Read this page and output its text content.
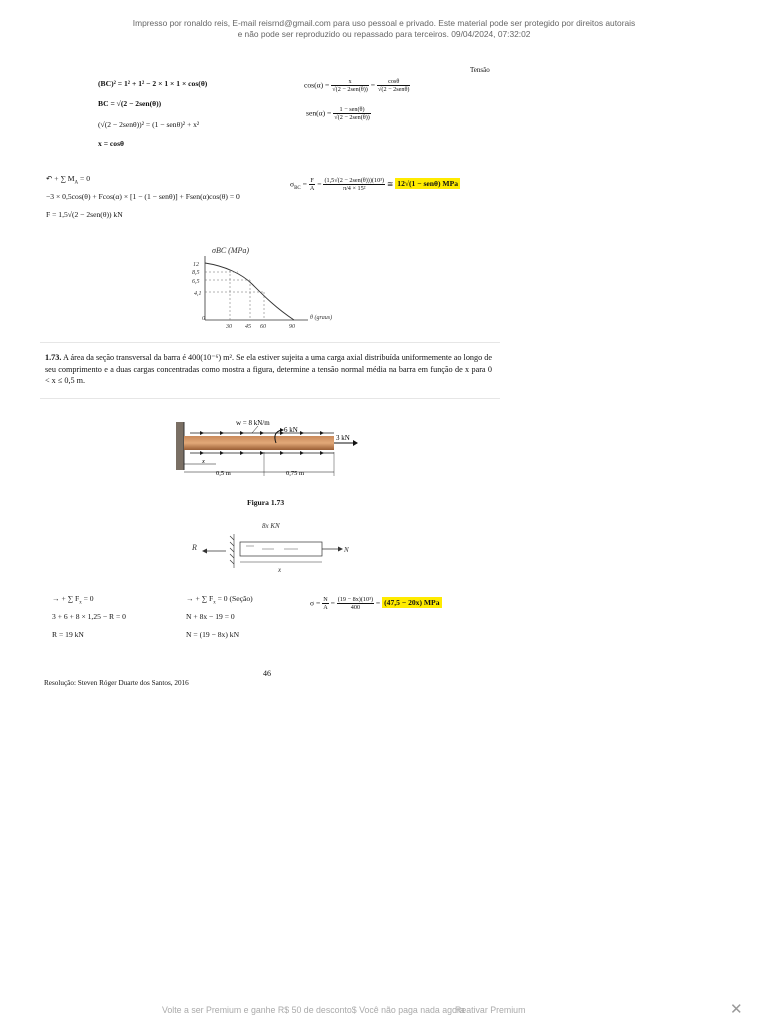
Impresso por ronaldo reis, E-mail reisrnd@gmail.com para uso pessoal e privado. Este material pode ser protegido por direitos autorais
e não pode ser reproduzido ou repassado para terceiros. 09/04/2024, 07:32:02
Tensão
(BC)² = 1² + 1² − 2 × 1 × 1 × cos(θ)
BC = √(2 − 2sen(θ))
(√(2 − 2senθ))² = (1 − senθ)² + x²
x = cosθ
$\cos(\alpha) = \frac{x}{\text{√(2 − 2sen(θ))}} = \frac{\cos\theta}{\text{√(2 − 2senθ)}}$
$sen(\alpha) = \frac{\text{1 − sen(θ)}}{\text{√(2 − 2sen(θ))}}$
↶ + ∑ $M_A = 0$
−3 × 0,5cos(θ) + Fcos(α) × [1 − (1 − senθ)] + Fsen(α)cos(θ) = 0
F = 1,5√(2 − 2sen(θ)) kN
$\sigma_{BC} = \frac{F}{A} = \frac{\text{(1,5√(2 − 2sen(θ)))(10³)}}{\text{π/4 × 15²}}$ ≅ 12√(1 − senθ) MPa
σBC (MPa)
12
8,5
6,5
4,1
0
30 45 60	90
θ (graus)
1.73. A área da seção transversal da barra é 400(10⁻⁶) m². Se ela estiver sujeita a uma carga axial distribuída uniformemente ao longo de seu comprimento e a duas cargas concentradas como mostra a figura, determine a tensão normal média na barra em função de x para 0 < x ≤ 0,5 m.
w = 8 kN/m
6 kN
3 kN
x
0,5 m	0,75 m
Figura 1.73
8x KN
N
R
x
→ + ∑ $F_x = 0$
3 + 6 + 8 × 1,25 − R = 0
R = 19 kN
→ + ∑ $F_x = 0$ (Seção)
N + 8x − 19 = 0
N = (19 − 8x) kN
$\sigma = \frac{N}{A} = \frac{\text{(19 − 8x)(10³)}}{400} = (47,5 - 20x)$ MPa
46
Resolução: Steven Róger Duarte dos Santos, 2016
Volte a ser Premium e ganhe R$ 50 de desconto$ Você não paga nada agora
Reativar Premium	✕
